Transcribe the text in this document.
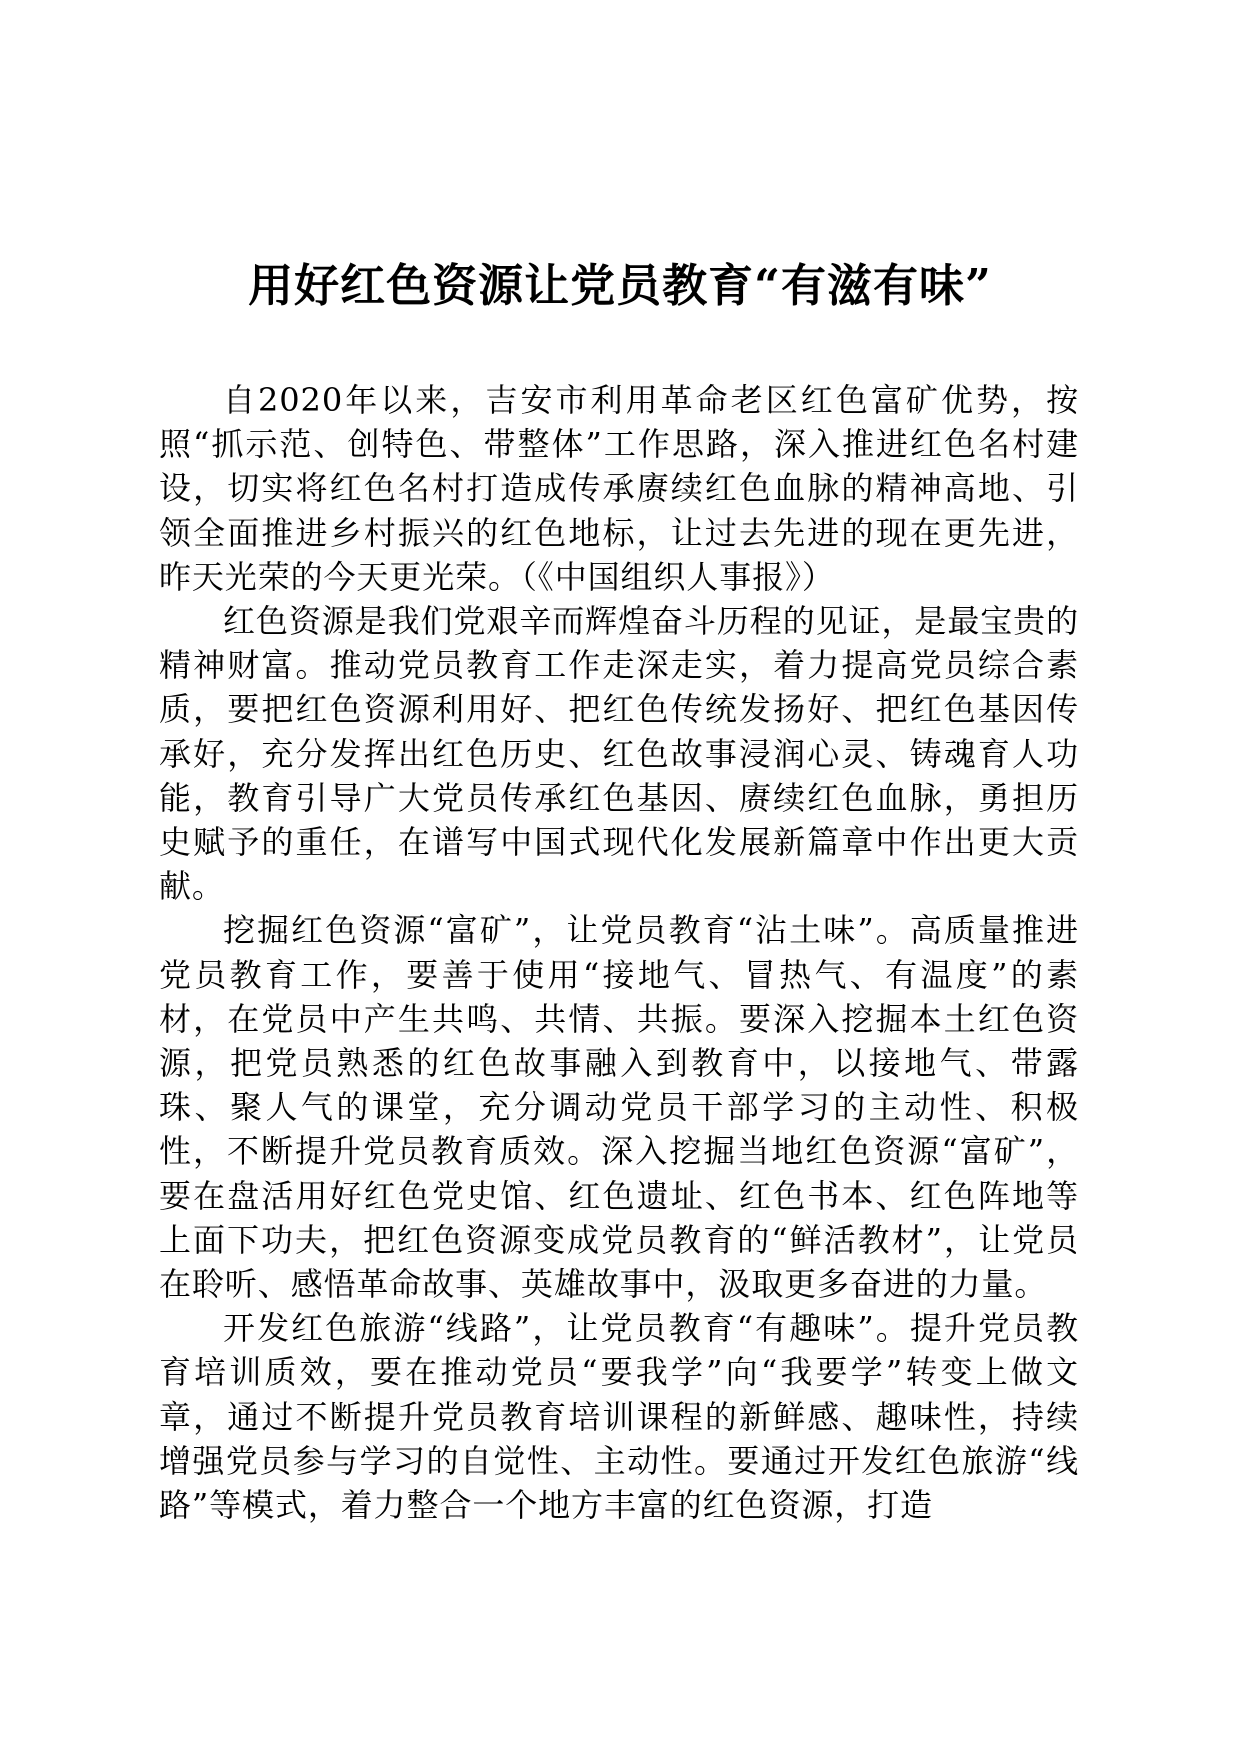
用好红色资源让党员教育“有滋有味”

自2020年以来，吉安市利用革命老区红色富矿优势，按照“抓示范、创特色、带整体”工作思路，深入推进红色名村建设，切实将红色名村打造成传承赓续红色血脉的精神高地、引领全面推进乡村振兴的红色地标，让过去先进的现在更先进，昨天光荣的今天更光荣。（《中国组织人事报》）

红色资源是我们党艰辛而辉煌奋斗历程的见证，是最宝贵的精神财富。推动党员教育工作走深走实，着力提高党员综合素质，要把红色资源利用好、把红色传统发扬好、把红色基因传承好，充分发挥出红色历史、红色故事浸润心灵、铸魂育人功能，教育引导广大党员传承红色基因、赓续红色血脉，勇担历史赋予的重任，在谱写中国式现代化发展新篇章中作出更大贡献。

挖掘红色资源“富矿”，让党员教育“沾土味”。高质量推进党员教育工作，要善于使用“接地气、冒热气、有温度”的素材，在党员中产生共鸣、共情、共振。要深入挖掘本土红色资源，把党员熟悉的红色故事融入到教育中，以接地气、带露珠、聚人气的课堂，充分调动党员干部学习的主动性、积极性，不断提升党员教育质效。深入挖掘当地红色资源“富矿”，要在盘活用好红色党史馆、红色遗址、红色书本、红色阵地等上面下功夫，把红色资源变成党员教育的“鲜活教材”，让党员在聆听、感悟革命故事、英雄故事中，汲取更多奋进的力量。

开发红色旅游“线路”，让党员教育“有趣味”。提升党员教育培训质效，要在推动党员“要我学”向“我要学”转变上做文章，通过不断提升党员教育培训课程的新鲜感、趣味性，持续增强党员参与学习的自觉性、主动性。要通过开发红色旅游“线路”等模式，着力整合一个地方丰富的红色资源，打造
